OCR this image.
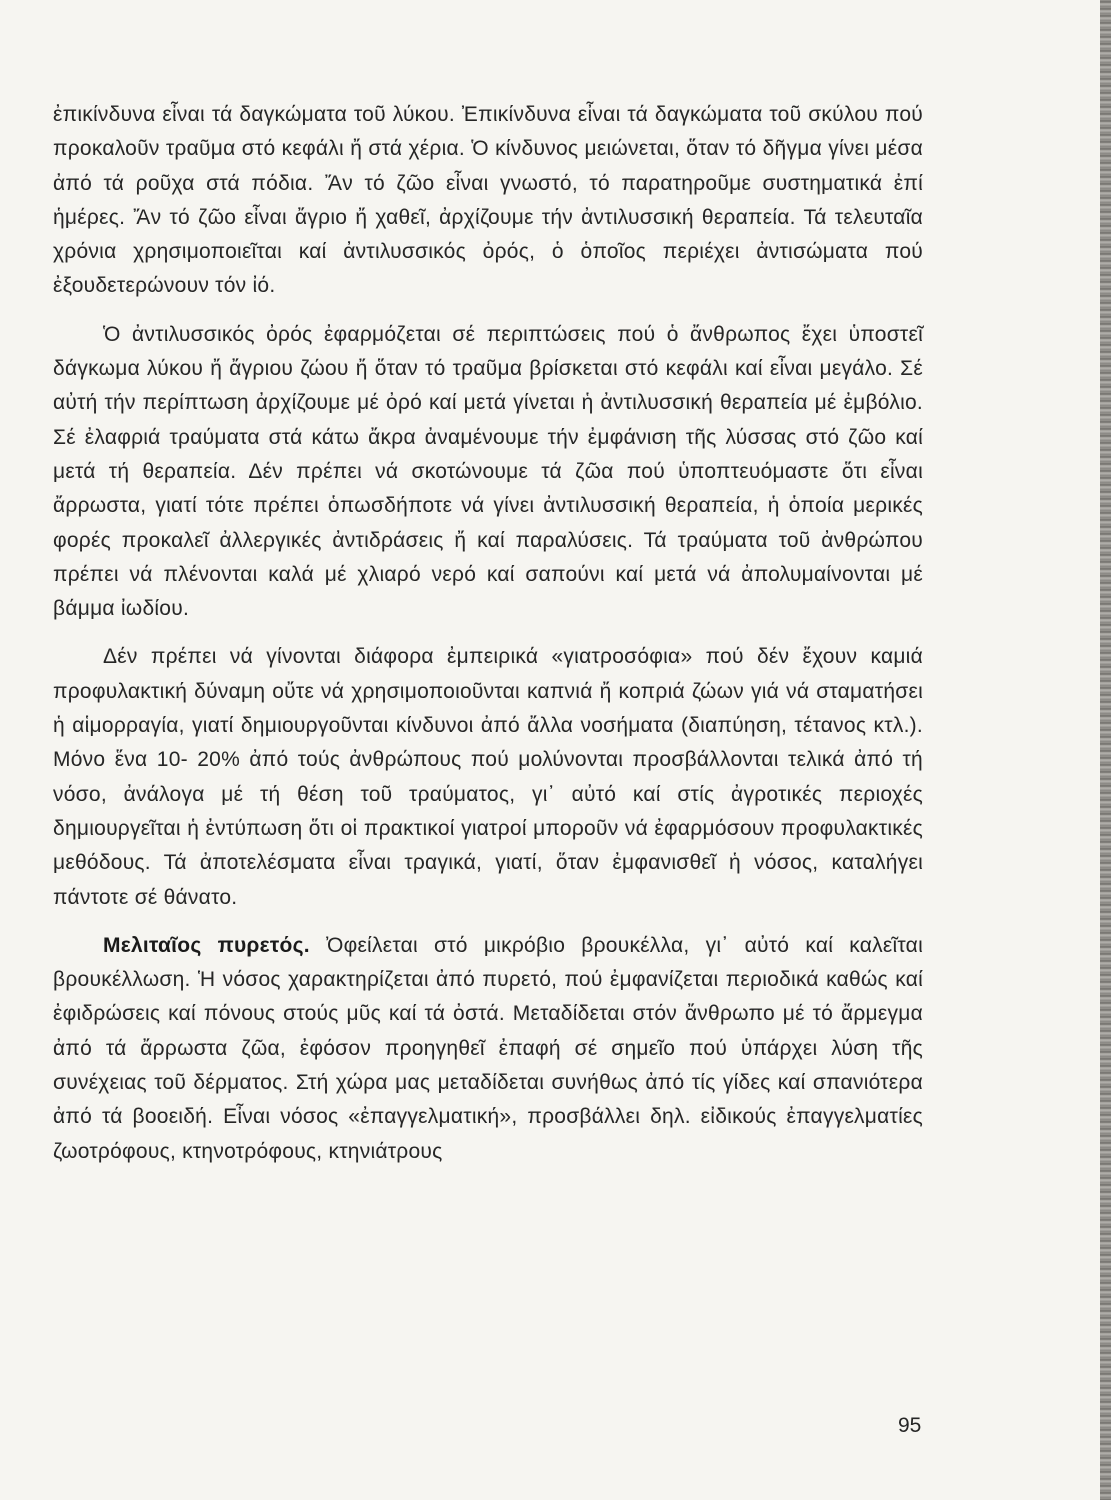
ἐπικίνδυνα εἶναι τά δαγκώματα τοῦ λύκου. Ἐπικίνδυνα εἶναι τά δαγκώματα τοῦ σκύλου πού προκαλοῦν τραῦμα στό κεφάλι ἤ στά χέρια. Ὁ κίνδυνος μειώνεται, ὅταν τό δῆγμα γίνει μέσα ἀπό τά ροῦχα στά πόδια. Ἄν τό ζῶο εἶναι γνωστό, τό παρατηροῦμε συστηματικά ἐπί ἡμέρες. Ἄν τό ζῶο εἶναι ἄγριο ἤ χαθεῖ, ἀρχίζουμε τήν ἀντιλυσσική θεραπεία. Τά τελευταῖα χρόνια χρησιμοποιεῖται καί ἀντιλυσσικός ὀρός, ὁ ὁποῖος περιέχει ἀντισώματα πού ἐξουδετερώνουν τόν ἰό.

Ὁ ἀντιλυσσικός ὀρός ἐφαρμόζεται σέ περιπτώσεις πού ὁ ἄνθρωπος ἔχει ὑποστεῖ δάγκωμα λύκου ἤ ἄγριου ζώου ἤ ὅταν τό τραῦμα βρίσκεται στό κεφάλι καί εἶναι μεγάλο. Σέ αὐτή τήν περίπτωση ἀρχίζουμε μέ ὀρό καί μετά γίνεται ἡ ἀντιλυσσική θεραπεία μέ ἐμβόλιο. Σέ ἐλαφριά τραύματα στά κάτω ἄκρα ἀναμένουμε τήν ἐμφάνιση τῆς λύσσας στό ζῶο καί μετά τή θεραπεία. Δέν πρέπει νά σκοτώνουμε τά ζῶα πού ὑποπτευόμαστε ὅτι εἶναι ἄρρωστα, γιατί τότε πρέπει ὁπωσδήποτε νά γίνει ἀντιλυσσική θεραπεία, ἡ ὁποία μερικές φορές προκαλεῖ ἀλλεργικές ἀντιδράσεις ἤ καί παραλύσεις. Τά τραύματα τοῦ ἀνθρώπου πρέπει νά πλένονται καλά μέ χλιαρό νερό καί σαπούνι καί μετά νά ἀπολυμαίνονται μέ βάμμα ἰωδίου.

Δέν πρέπει νά γίνονται διάφορα ἐμπειρικά «γιατροσόφια» πού δέν ἔχουν καμιά προφυλακτική δύναμη οὔτε νά χρησιμοποιοῦνται καπνιά ἤ κοπριά ζώων γιά νά σταματήσει ἡ αἱμορραγία, γιατί δημιουργοῦνται κίνδυνοι ἀπό ἄλλα νοσήματα (διαπύηση, τέτανος κτλ.). Μόνο ἕνα 10- 20% ἀπό τούς ἀνθρώπους πού μολύνονται προσβάλλονται τελικά ἀπό τή νόσο, ἀνάλογα μέ τή θέση τοῦ τραύματος, γι᾽ αὐτό καί στίς ἀγροτικές περιοχές δημιουργεῖται ἡ ἐντύπωση ὅτι οἱ πρακτικοί γιατροί μποροῦν νά ἐφαρμόσουν προφυλακτικές μεθόδους. Τά ἀποτελέσματα εἶναι τραγικά, γιατί, ὅταν ἐμφανισθεῖ ἡ νόσος, καταλήγει πάντοτε σέ θάνατο.

Μελιταῖος πυρετός. Ὀφείλεται στό μικρόβιο βρουκέλλα, γι᾽ αὐτό καί καλεῖται βρουκέλλωση. Ἡ νόσος χαρακτηρίζεται ἀπό πυρετό, πού ἐμφανίζεται περιοδικά καθώς καί ἐφιδρώσεις καί πόνους στούς μῦς καί τά ὀστά. Μεταδίδεται στόν ἄνθρωπο μέ τό ἄρμεγμα ἀπό τά ἄρρωστα ζῶα, ἐφόσον προηγηθεῖ ἐπαφή σέ σημεῖο πού ὑπάρχει λύση τῆς συνέχειας τοῦ δέρματος. Στή χώρα μας μεταδίδεται συνήθως ἀπό τίς γίδες καί σπανιότερα ἀπό τά βοοειδή. Εἶναι νόσος «ἐπαγγελματική», προσβάλλει δηλ. εἰδικούς ἐπαγγελματίες ζωοτρόφους, κτηνοτρόφους, κτηνιάτρους

95
